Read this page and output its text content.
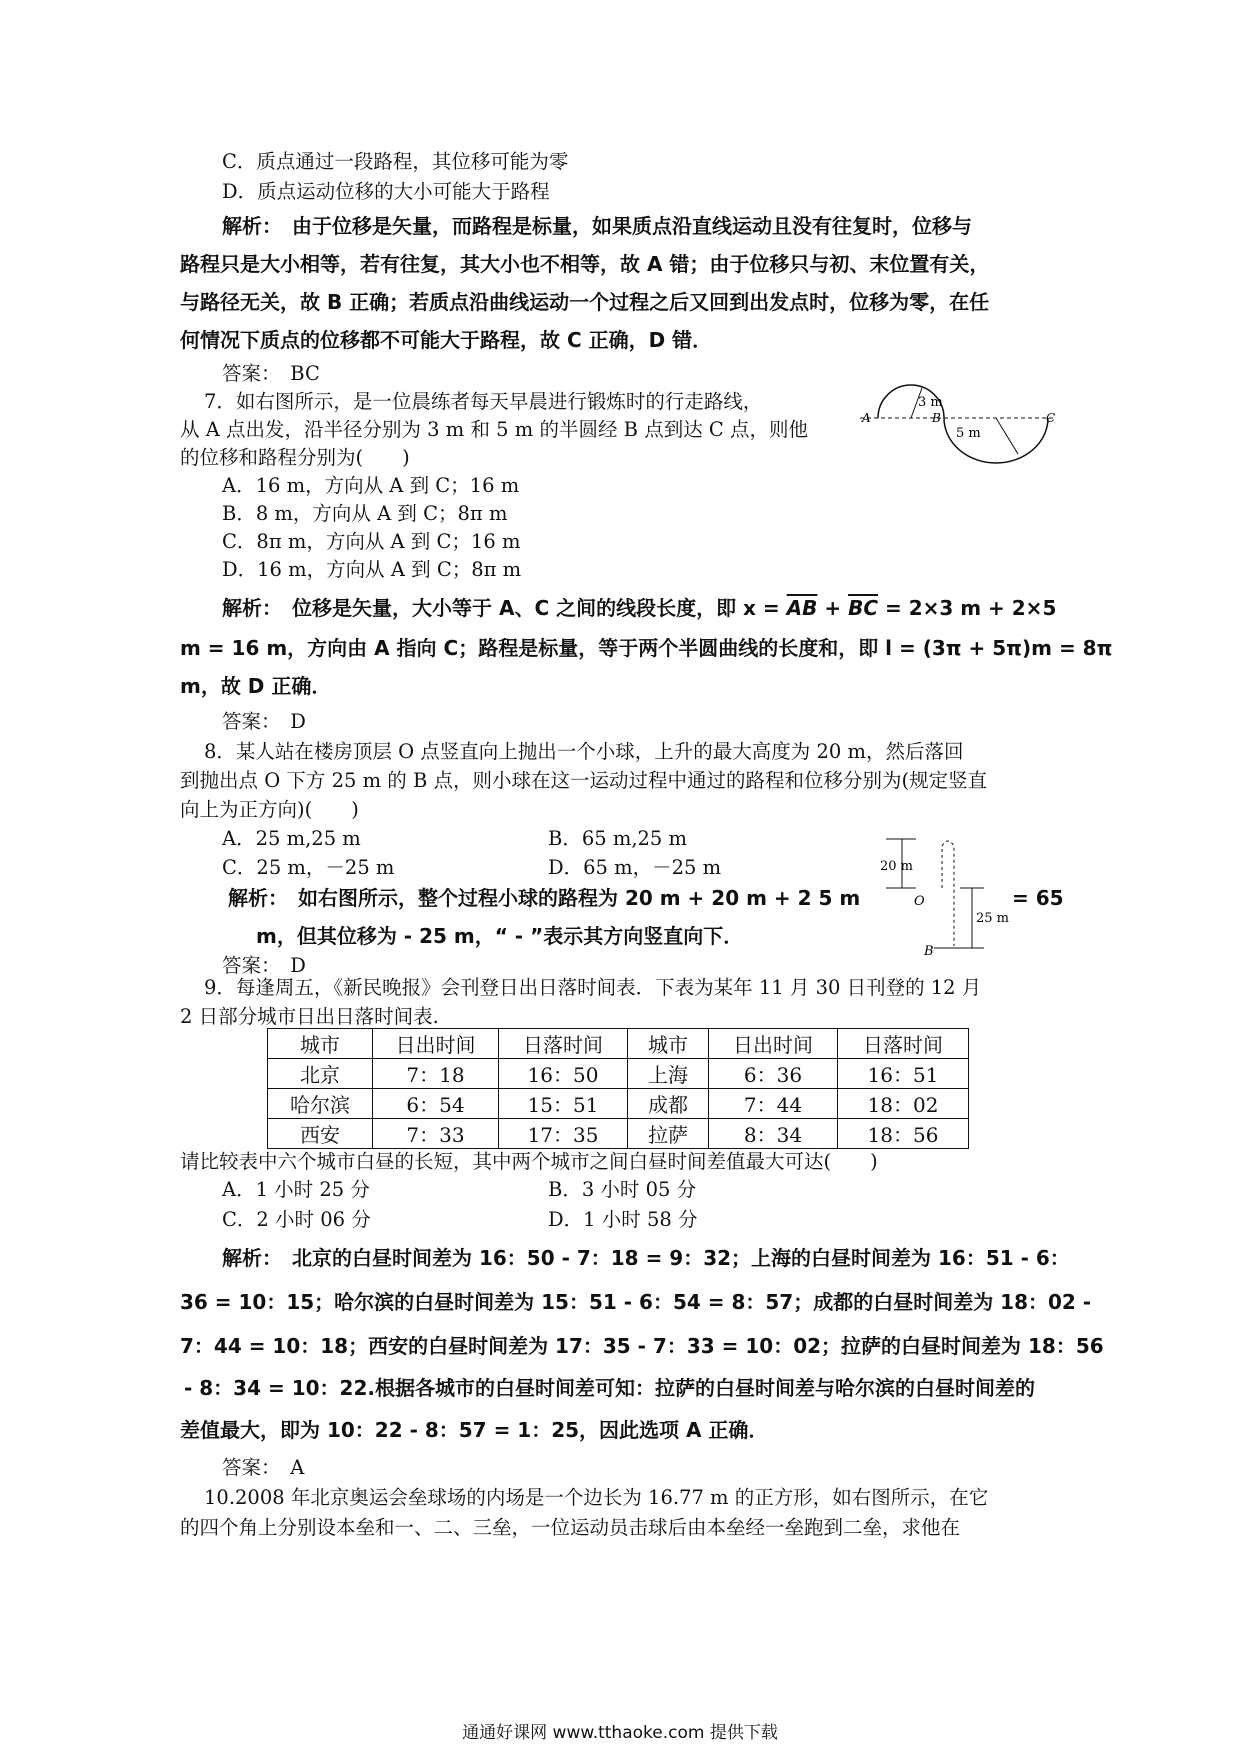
C．质点通过一段路程，其位移可能为零
D．质点运动位移的大小可能大于路程
解析：　由于位移是矢量，而路程是标量，如果质点沿直线运动且没有往复时，位移与
路程只是大小相等，若有往复，其大小也不相等，故 A 错；由于位移只与初、末位置有关，
与路径无关，故 B 正确；若质点沿曲线运动一个过程之后又回到出发点时，位移为零，在任
何情况下质点的位移都不可能大于路程，故 C 正确，D 错．
答案：　BC
7．如右图所示，是一位晨练者每天早晨进行锻炼时的行走路线，
从 A 点出发，沿半径分别为 3 m 和 5 m 的半圆经 B 点到达 C 点，则他
的位移和路程分别为(　　)
A．16 m，方向从 A 到 C；16 m
B．8 m，方向从 A 到 C；8π m
C．8π m，方向从 A 到 C；16 m
D．16 m，方向从 A 到 C；8π m
3 m
5 m
A	B	C
解析：　位移是矢量，大小等于 A、C 之间的线段长度，即 $x = \overline{AB} + \overline{BC} = 2\times 3$ m + 2×5
m = 16 m，方向由 A 指向 C；路程是标量，等于两个半圆曲线的长度和，即 l = (3π + 5π)m = 8π
m，故 D 正确．
答案：　D
8．某人站在楼房顶层 O 点竖直向上抛出一个小球，上升的最大高度为 20 m，然后落回
到抛出点 O 下方 25 m 的 B 点，则小球在这一运动过程中通过的路程和位移分别为(规定竖直
向上为正方向)(　　)
A．25 m,25 m	B．65 m,25 m
C．25 m，－25 m	D．65 m，－25 m
解析：　如右图所示，整个过程小球的路程为 20 m + 20 m + 2 5 m	= 65
m，但其位移为 - 25 m，“ - ”表示其方向竖直向下．
答案：　D
20 m
25 m
O
B
9．每逢周五，《新民晚报》会刊登日出日落时间表．下表为某年 11 月 30 日刊登的 12 月
2 日部分城市日出日落时间表.
城市	日出时间	日落时间	城市	日出时间	日落时间
北京	7：18	16：50	上海	6：36	16：51
哈尔滨	6：54	15：51	成都	7：44	18：02
西安	7：33	17：35	拉萨	8：34	18：56
请比较表中六个城市白昼的长短，其中两个城市之间白昼时间差值最大可达(　　)
A．1 小时 25 分	B．3 小时 05 分
C．2 小时 06 分	D．1 小时 58 分
解析：　北京的白昼时间差为 16：50 - 7：18 = 9：32；上海的白昼时间差为 16：51 - 6：
36 = 10：15；哈尔滨的白昼时间差为 15：51 - 6：54 = 8：57；成都的白昼时间差为 18：02 -
7：44 = 10：18；西安的白昼时间差为 17：35 - 7：33 = 10：02；拉萨的白昼时间差为 18：56
- 8：34 = 10：22.根据各城市的白昼时间差可知：拉萨的白昼时间差与哈尔滨的白昼时间差的
差值最大，即为 10：22 - 8：57 = 1：25，因此选项 A 正确．
答案：　A
10.2008 年北京奥运会垒球场的内场是一个边长为 16.77 m 的正方形，如右图所示，在它
的四个角上分别设本垒和一、二、三垒，一位运动员击球后由本垒经一垒跑到二垒，求他在
通通好课网 www.tthaoke.com 提供下载
